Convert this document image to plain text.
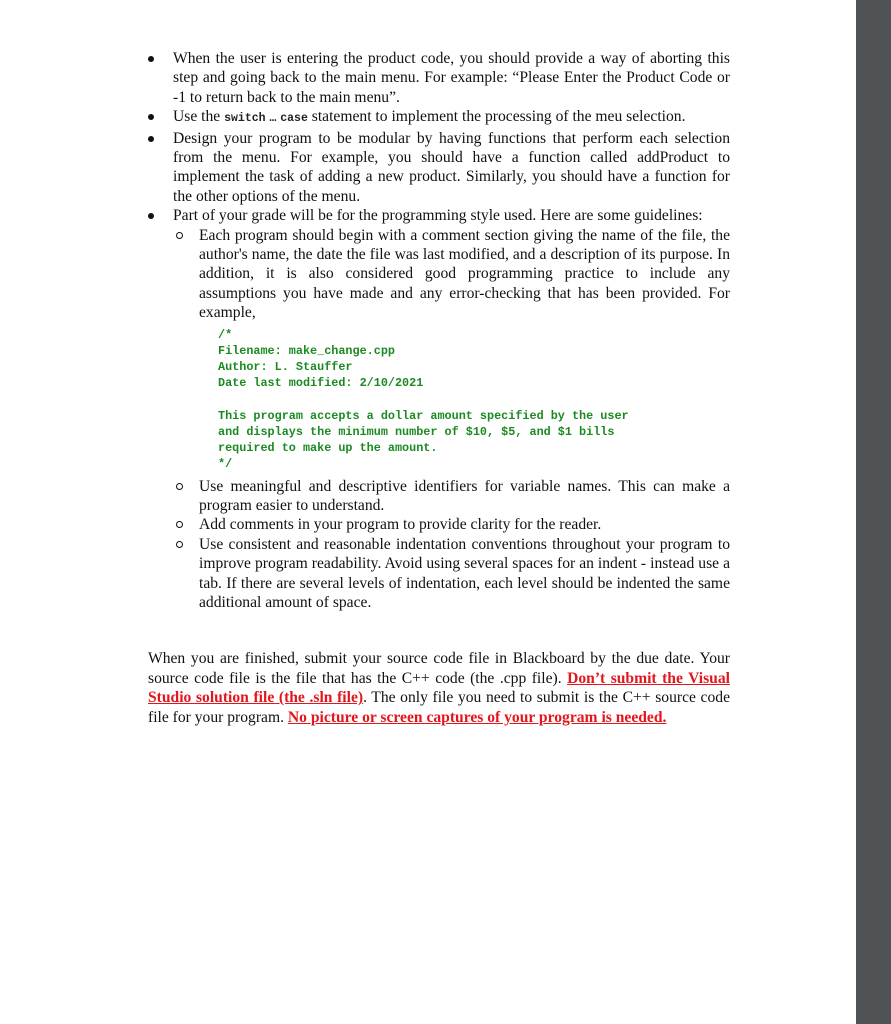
When the user is entering the product code, you should provide a way of aborting this step and going back to the main menu. For example: “Please Enter the Product Code or -1 to return back to the main menu”.
Use the switch … case statement to implement the processing of the meu selection.
Design your program to be modular by having functions that perform each selection from the menu. For example, you should have a function called addProduct to implement the task of adding a new product. Similarly, you should have a function for the other options of the menu.
Part of your grade will be for the programming style used. Here are some guidelines:
Each program should begin with a comment section giving the name of the file, the author's name, the date the file was last modified, and a description of its purpose. In addition, it is also considered good programming practice to include any assumptions you have made and any error-checking that has been provided. For example,
/*
Filename: make_change.cpp
Author: L. Stauffer
Date last modified: 2/10/2021

This program accepts a dollar amount specified by the user
and displays the minimum number of $10, $5, and $1 bills
required to make up the amount.
*/
Use meaningful and descriptive identifiers for variable names. This can make a program easier to understand.
Add comments in your program to provide clarity for the reader.
Use consistent and reasonable indentation conventions throughout your program to improve program readability. Avoid using several spaces for an indent - instead use a tab. If there are several levels of indentation, each level should be indented the same additional amount of space.

When you are finished, submit your source code file in Blackboard by the due date. Your source code file is the file that has the C++ code (the .cpp file). Don’t submit the Visual Studio solution file (the .sln file). The only file you need to submit is the C++ source code file for your program. No picture or screen captures of your program is needed.
